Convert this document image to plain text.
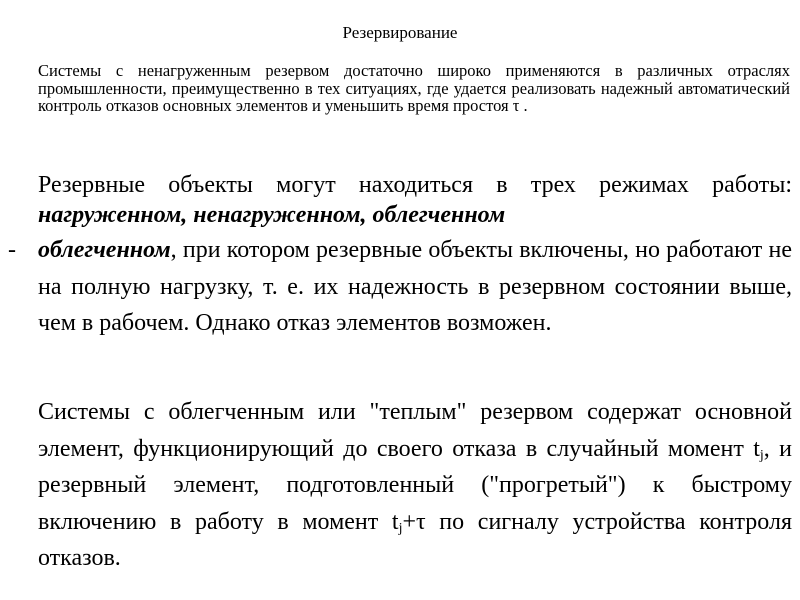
Резервирование
Системы с ненагруженным резервом достаточно широко применяются в различных отраслях промышленности, преимущественно в тех ситуациях, где удается реализовать надежный автоматический контроль отказов основных элементов и уменьшить время простоя τ .
Резервные объекты могут находиться в трех режимах работы: нагруженном, ненагруженном, облегченном
- облегченном, при котором резервные объекты включены, но работают не на полную нагрузку, т. е. их надежность в резервном состоянии выше, чем в рабочем. Однако отказ элементов возможен.
Системы с облегченным или "теплым" резервом содержат основной элемент, функционирующий до своего отказа в случайный момент $t_j$, и резервный элемент, подготовленный ("прогретый") к быстрому включению в работу в момент $t_j+\tau$ по сигналу устройства контроля отказов.
